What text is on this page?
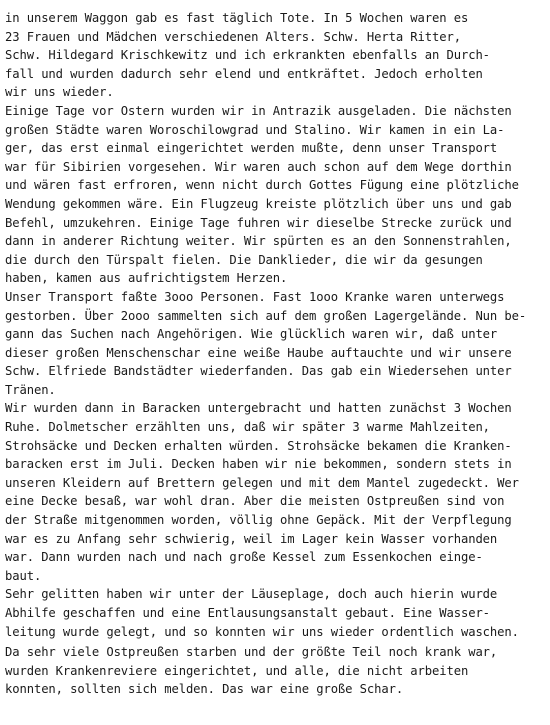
in unserem Waggon gab es fast täglich Tote. In 5 Wochen waren es
23 Frauen und Mädchen verschiedenen Alters. Schw. Herta Ritter,
Schw. Hildegard Krischkewitz und ich erkrankten ebenfalls an Durch-
fall und wurden dadurch sehr elend und entkräftet. Jedoch erholten
wir uns wieder.
Einige Tage vor Ostern wurden wir in Antrazik ausgeladen. Die nächsten
großen Städte waren Woroschilowgrad und Stalino. Wir kamen in ein La-
ger, das erst einmal eingerichtet werden mußte, denn unser Transport
war für Sibirien vorgesehen. Wir waren auch schon auf dem Wege dorthin
und wären fast erfroren, wenn nicht durch Gottes Fügung eine plötzliche
Wendung gekommen wäre. Ein Flugzeug kreiste plötzlich über uns und gab
Befehl, umzukehren. Einige Tage fuhren wir dieselbe Strecke zurück und
dann in anderer Richtung weiter. Wir spürten es an den Sonnenstrahlen,
die durch den Türspalt fielen. Die Danklieder, die wir da gesungen
haben, kamen aus aufrichtigstem Herzen.
Unser Transport faßte 3ooo Personen. Fast 1ooo Kranke waren unterwegs
gestorben. Über 2ooo sammelten sich auf dem großen Lagergelände. Nun be-
gann das Suchen nach Angehörigen. Wie glücklich waren wir, daß unter
dieser großen Menschenschar eine weiße Haube auftauchte und wir unsere
Schw. Elfriede Bandstädter wiederfanden. Das gab ein Wiedersehen unter
Tränen.
Wir wurden dann in Baracken untergebracht und hatten zunächst 3 Wochen
Ruhe. Dolmetscher erzählten uns, daß wir später 3 warme Mahlzeiten,
Strohsäcke und Decken erhalten würden. Strohsäcke bekamen die Kranken-
baracken erst im Juli. Decken haben wir nie bekommen, sondern stets in
unseren Kleidern auf Brettern gelegen und mit dem Mantel zugedeckt. Wer
eine Decke besaß, war wohl dran. Aber die meisten Ostpreußen sind von
der Straße mitgenommen worden, völlig ohne Gepäck. Mit der Verpflegung
war es zu Anfang sehr schwierig, weil im Lager kein Wasser vorhanden
war. Dann wurden nach und nach große Kessel zum Essenkochen einge-
baut.
Sehr gelitten haben wir unter der Läuseplage, doch auch hierin wurde
Abhilfe geschaffen und eine Entlausungsanstalt gebaut. Eine Wasser-
leitung wurde gelegt, und so konnten wir uns wieder ordentlich waschen.
Da sehr viele Ostpreußen starben und der größte Teil noch krank war,
wurden Krankenreviere eingerichtet, und alle, die nicht arbeiten
konnten, sollten sich melden. Das war eine große Schar.
